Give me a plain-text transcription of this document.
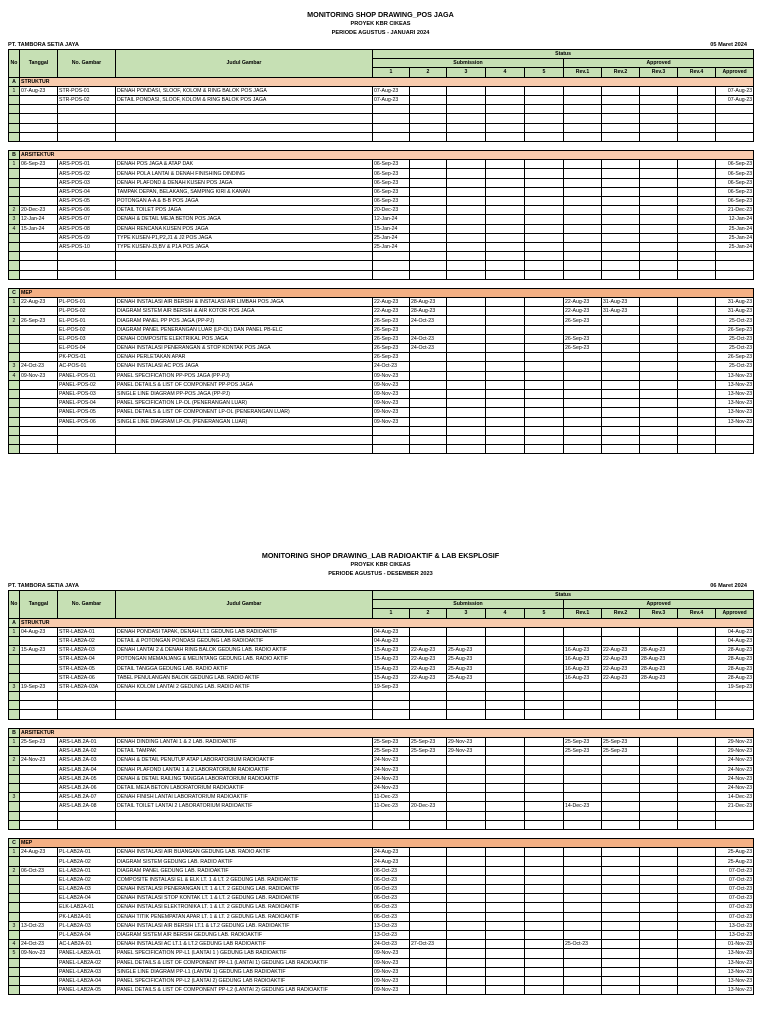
MONITORING SHOP DRAWING_POS JAGA
PROYEK KBR CIKEAS
PERIODE AGUSTUS - JANUARI 2024
PT. TAMBORA SETIA JAYA	05 Maret 2024
No	Tanggal	No. Gambar	Judul Gambar	Status									
				Submission					Approved				
				1	2	3	4	5	Rev.1	Rev.2	Rev.3	Rev.4	Approved
A	STRUKTUR												
1	07-Aug-23	STR-POS-01	DENAH PONDASI, SLOOF, KOLOM & RING BALOK POS JAGA	07-Aug-23									07-Aug-23
		STR-POS-02	DETAIL PONDASI, SLOOF, KOLOM & RING BALOK POS JAGA	07-Aug-23									07-Aug-23

B	ARSITEKTUR												
1	06-Sep-23	ARS-POS-01	DENAH POS JAGA & ATAP DAK	06-Sep-23									06-Sep-23
		ARS-POS-02	DENAH POLA LANTAI & DENAH FINISHING DINDING	06-Sep-23									06-Sep-23
		ARS-POS-03	DENAH PLAFOND & DENAH KUSEN POS JAGA	06-Sep-23									06-Sep-23
		ARS-POS-04	TAMPAK DEPAN, BELAKANG, SAMPING KIRI & KANAN	06-Sep-23									06-Sep-23
		ARS-POS-05	POTONGAN A-A & B-B POS JAGA	06-Sep-23									06-Sep-23
2	20-Dec-23	ARS-POS-06	DETAIL TOILET POS JAGA	20-Dec-23									21-Dec-23
3	12-Jan-24	ARS-POS-07	DENAH & DETAIL MEJA BETON POS JAGA	12-Jan-24									12-Jan-24
4	15-Jan-24	ARS-POS-08	DENAH RENCANA KUSEN POS JAGA	15-Jan-24									25-Jan-24
		ARS-POS-09	TYPE KUSEN-P1,P2,J1 & J2 POS JAGA	25-Jan-24									25-Jan-24
		ARS-POS-10	TYPE KUSEN-J3,BV & P1A POS JAGA	25-Jan-24									25-Jan-24

C	MEP												
1	22-Aug-23	PL-POS-01	DENAH INSTALASI AIR BERSIH & INSTALASI AIR LIMBAH POS JAGA	22-Aug-23	28-Aug-23				22-Aug-23	31-Aug-23			31-Aug-23
		PL-POS-02	DIAGRAM SISTEM AIR BERSIH & AIR KOTOR POS JAGA	22-Aug-23	28-Aug-23				22-Aug-23	31-Aug-23			31-Aug-23
2	26-Sep-23	EL-POS-01	DIAGRAM PANEL PP POS JAGA (PP-PJ)	26-Sep-23	24-Oct-23				26-Sep-23				25-Oct-23
		EL-POS-02	DIAGRAM PANEL PENERANGAN LUAR (LP-OL) DAN PANEL PB-ELC	26-Sep-23									26-Sep-23
		EL-POS-03	DENAH COMPOSITE ELEKTRIKAL POS JAGA	26-Sep-23	24-Oct-23				26-Sep-23				25-Oct-23
		EL-POS-04	DENAH INSTALASI PENERANGAN & STOP KONTAK POS JAGA	26-Sep-23	24-Oct-23				26-Sep-23				25-Oct-23
		PK-POS-01	DENAH PERLETAKAN APAR	26-Sep-23									26-Sep-23
3	24-Oct-23	AC-POS-01	DENAH INSTALASI AC POS JAGA	24-Oct-23									25-Oct-23
4	09-Nov-23	PANEL-POS-01	PANEL SPECIFICATION PP-POS JAGA (PP-PJ)	09-Nov-23									13-Nov-23
		PANEL-POS-02	PANEL DETAILS & LIST OF COMPONENT PP-POS JAGA	09-Nov-23									13-Nov-23
		PANEL-POS-03	SINGLE LINE DIAGRAM PP-POS JAGA (PP-PJ)	09-Nov-23									13-Nov-23
		PANEL-POS-04	PANEL SPECIFICATION LP-OL (PENERANGAN LUAR)	09-Nov-23									13-Nov-23
		PANEL-POS-05	PANEL DETAILS & LIST OF COMPONENT LP-OL (PENERANGAN LUAR)	09-Nov-23									13-Nov-23
		PANEL-POS-06	SINGLE LINE DIAGRAM LP-OL (PENERANGAN LUAR)	09-Nov-23									13-Nov-23

MONITORING SHOP DRAWING_LAB RADIOAKTIF & LAB EKSPLOSIF
PROYEK KBR CIKEAS
PERIODE AGUSTUS - DESEMBER 2023
PT. TAMBORA SETIA JAYA	06 Maret 2024
No	Tanggal	No. Gambar	Judul Gambar	Status									
				Submission					Approved				
				1	2	3	4	5	Rev.1	Rev.2	Rev.3	Rev.4	Approved
A	STRUKTUR												
1	04-Aug-23	STR-LAB2A-01	DENAH PONDASI TAPAK, DENAH LT.1 GEDUNG LAB RADIOAKTIF	04-Aug-23									04-Aug-23
		STR-LAB2A-02	DETAIL & POTONGAN PONDASI GEDUNG LAB RADIOAKTIF	04-Aug-23									04-Aug-23
2	15-Aug-23	STR-LAB2A-03	DENAH LANTAI 2 & DENAH RING BALOK GEDUNG LAB. RADIO AKTIF	15-Aug-23	22-Aug-23	25-Aug-23			16-Aug-23	22-Aug-23	28-Aug-23		28-Aug-23
		STR-LAB2A-04	POTONGAN MEMANJANG & MELINTANG GEDUNG LAB. RADIO AKTIF	15-Aug-23	22-Aug-23	25-Aug-23			16-Aug-23	22-Aug-23	28-Aug-23		28-Aug-23
		STR-LAB2A-05	DETAIL TANGGA GEDUNG LAB. RADIO AKTIF	15-Aug-23	22-Aug-23	25-Aug-23			16-Aug-23	22-Aug-23	28-Aug-23		28-Aug-23
		STR-LAB2A-06	TABEL PENULANGAN BALOK GEDUNG LAB. RADIO AKTIF	15-Aug-23	22-Aug-23	25-Aug-23			16-Aug-23	22-Aug-23	28-Aug-23		28-Aug-23
3	19-Sep-23	STR-LAB2A-03A	DENAH KOLOM LANTAI 2 GEDUNG LAB. RADIO AKTIF	19-Sep-23									19-Sep-23

B	ARSITEKTUR												
1	25-Sep-23	ARS-LAB.2A-01	DENAH DINDING LANTAI 1 & 2 LAB. RADIOAKTIF	25-Sep-23	25-Sep-23	29-Nov-23			25-Sep-23	25-Sep-23			29-Nov-23
		ARS-LAB.2A-02	DETAIL TAMPAK	25-Sep-23	25-Sep-23	29-Nov-23			25-Sep-23	25-Sep-23			29-Nov-23
2	24-Nov-23	ARS-LAB.2A-03	DENAH & DETAIL PENUTUP ATAP LABORATORIUM RADIOAKTIF	24-Nov-23									24-Nov-23
		ARS-LAB.2A-04	DENAH PLAFOND LANTAI 1 & 2 LABORATORIUM RADIOAKTIF	24-Nov-23									24-Nov-23
		ARS-LAB.2A-05	DENAH & DETAIL RAILING TANGGA LABORATORIUM RADIOAKTIF	24-Nov-23									24-Nov-23
		ARS-LAB.2A-06	DETAIL MEJA BETON LABORATORIUM RADIOAKTIF	24-Nov-23									24-Nov-23
3		ARS-LAB.2A-07	DENAH FINISH LANTAI LABORATORIUM RADIOAKTIF	11-Dec-23									14-Dec-23
		ARS-LAB.2A-08	DETAIL TOILET LANTAI 2 LABORATORIUM RADIOAKTIF	11-Dec-23	20-Dec-23				14-Dec-23				21-Dec-23

C	MEP												
1	24-Aug-23	PL-LAB2A-01	DENAH INSTALASI AIR BUANGAN GEDUNG LAB. RADIO AKTIF	24-Aug-23									25-Aug-23
		PL-LAB2A-02	DIAGRAM SISTEM GEDUNG LAB. RADIO AKTIF	24-Aug-23									25-Aug-23
2	06-Oct-23	EL-LAB2A-01	DIAGRAM PANEL GEDUNG LAB. RADIOAKTIF	06-Oct-23									07-Oct-23
		EL-LAB2A-02	COMPOSITE INSTALASI EL & ELK LT. 1 & LT. 2 GEDUNG LAB. RADIOAKTIF	06-Oct-23									07-Oct-23
		EL-LAB2A-03	DENAH INSTALASI PENERANGAN LT. 1 & LT. 2 GEDUNG LAB. RADIOAKTIF	06-Oct-23									07-Oct-23
		EL-LAB2A-04	DENAH INSTALASI STOP KONTAK LT. 1 & LT. 2 GEDUNG LAB. RADIOAKTIF	06-Oct-23									07-Oct-23
		ELK-LAB2A-01	DENAH INSTALASI ELEKTRONIKA LT. 1 & LT. 2 GEDUNG LAB. RADIOAKTIF	06-Oct-23									07-Oct-23
		PK-LAB2A-01	DENAH TITIK PENEMPATAN APAR LT. 1 & LT. 2 GEDUNG LAB. RADIOAKTIF	06-Oct-23									07-Oct-23
3	13-Oct-23	PL-LAB2A-03	DENAH INSTALASI AIR BERSIH LT.1 & LT.2 GEDUNG LAB. RADIOAKTIF	13-Oct-23									13-Oct-23
		PL-LAB2A-04	DIAGRAM SISTEM AIR BERSIH GEDUNG LAB. RADIOAKTIF	13-Oct-23									13-Oct-23
4	24-Oct-23	AC-LAB2A-01	DENAH INSTALASI AC LT.1 & LT.2 GEDUNG LAB RADIOAKTIF	24-Oct-23	27-Oct-23				25-Oct-23				01-Nov-23
5	09-Nov-23	PANEL-LAB2A-01	PANEL SPECIFICATION PP-L1 (LANTAI 1 ) GEDUNG LAB RADIOAKTIF	09-Nov-23									13-Nov-23
		PANEL-LAB2A-02	PANEL DETAILS & LIST OF COMPONENT PP-L1 (LANTAI 1) GEDUNG LAB RADIOAKTIF	09-Nov-23									13-Nov-23
		PANEL-LAB2A-03	SINGLE LINE DIAGRAM PP-L1 (LANTAI 1) GEDUNG LAB RADIOAKTIF	09-Nov-23									13-Nov-23
		PANEL-LAB2A-04	PANEL SPECIFICATION PP-L2 (LANTAI 2) GEDUNG LAB RADIOAKTIF	09-Nov-23									13-Nov-23
		PANEL-LAB2A-05	PANEL DETAILS & LIST OF COMPONENT PP-L2 (LANTAI 2) GEDUNG LAB RADIOAKTIF	09-Nov-23									13-Nov-23
